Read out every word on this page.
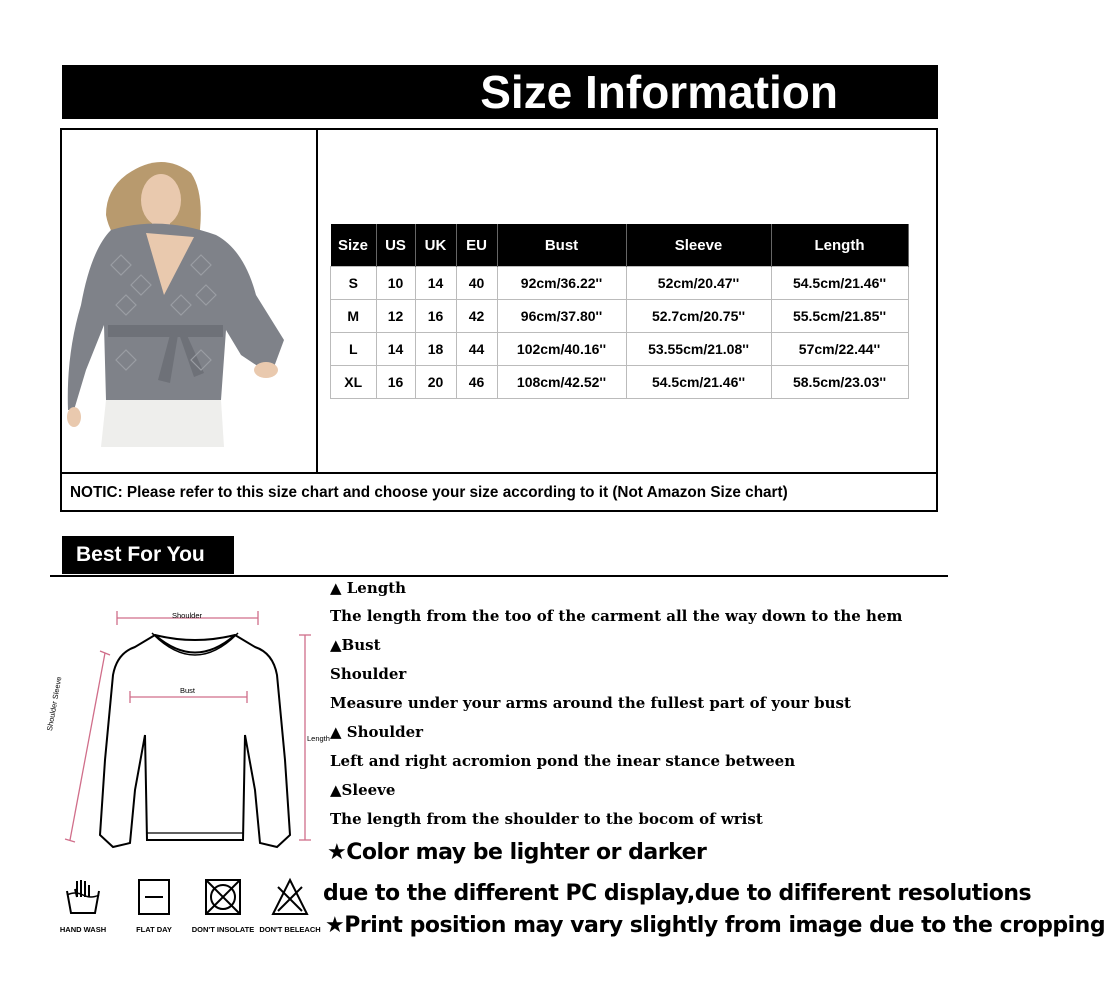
Size Information
Size	US	UK	EU	Bust	Sleeve	Length
S	10	14	40	92cm/36.22''	52cm/20.47''	54.5cm/21.46''
M	12	16	42	96cm/37.80''	52.7cm/20.75''	55.5cm/21.85''
L	14	18	44	102cm/40.16''	53.55cm/21.08''	57cm/22.44''
XL	16	20	46	108cm/42.52''	54.5cm/21.46''	58.5cm/23.03''
NOTIC: Please refer to this size chart and choose your size according to it (Not Amazon Size chart)
Best For You
Shoulder
Bust
Length
Shoulder Sleeve
▲ Length
The length from the too of the carment all the way down to the hem
▲Bust
Shoulder
Measure under your arms around the fullest part of your bust
▲ Shoulder
Left and right acromion pond the inear stance between
▲Sleeve
The length from the shoulder to the bocom of wrist
★Color may be lighter or darker
due to the different PC display,due to dififerent resolutions
★Print position may vary slightly from image due to the cropping
HAND WASH	FLAT DAY	DON'T INSOLATE DON'T BELEACH
